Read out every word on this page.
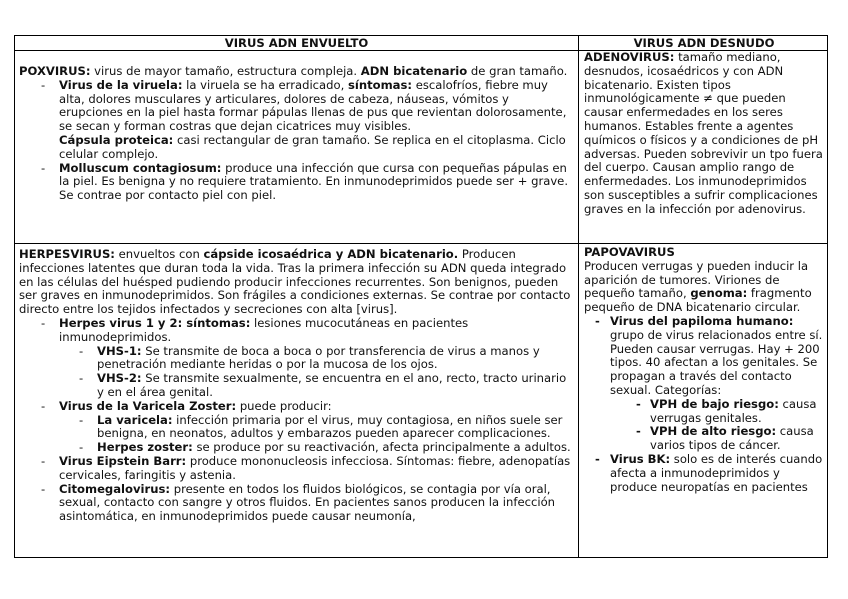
VIRUS ADN ENVUELTO	VIRUS ADN DESNUDO
POXVIRUS: virus de mayor tamaño, estructura compleja. ADN bicatenario de gran tamaño.
- Virus de la viruela: la viruela se ha erradicado, síntomas: escalofríos, fiebre muy alta, dolores musculares y articulares, dolores de cabeza, náuseas, vómitos y erupciones en la piel hasta formar pápulas llenas de pus que revientan dolorosamente, se secan y forman costras que dejan cicatrices muy visibles.
Cápsula proteica: casi rectangular de gran tamaño. Se replica en el citoplasma. Ciclo celular complejo.
- Molluscum contagiosum: produce una infección que cursa con pequeñas pápulas en la piel. Es benigna y no requiere tratamiento. En inmunodeprimidos puede ser + grave. Se contrae por contacto piel con piel.
ADENOVIRUS: tamaño mediano, desnudos, icosaédricos y con ADN bicatenario. Existen tipos inmunológicamente ≠ que pueden causar enfermedades en los seres humanos. Estables frente a agentes químicos o físicos y a condiciones de pH adversas. Pueden sobrevivir un tpo fuera del cuerpo. Causan amplio rango de enfermedades. Los inmunodeprimidos son susceptibles a sufrir complicaciones graves en la infección por adenovirus.
HERPESVIRUS: envueltos con cápside icosaédrica y ADN bicatenario. Producen infecciones latentes que duran toda la vida. Tras la primera infección su ADN queda integrado en las células del huésped pudiendo producir infecciones recurrentes. Son benignos, pueden ser graves en inmunodeprimidos. Son frágiles a condiciones externas. Se contrae por contacto directo entre los tejidos infectados y secreciones con alta [virus].
- Herpes virus 1 y 2: síntomas: lesiones mucocutáneas en pacientes inmunodeprimidos.
- VHS-1: Se transmite de boca a boca o por transferencia de virus a manos y penetración mediante heridas o por la mucosa de los ojos.
- VHS-2: Se transmite sexualmente, se encuentra en el ano, recto, tracto urinario y en el área genital.
- Virus de la Varicela Zoster: puede producir:
- La varicela: infección primaria por el virus, muy contagiosa, en niños suele ser benigna, en neonatos, adultos y embarazos pueden aparecer complicaciones.
- Herpes zoster: se produce por su reactivación, afecta principalmente a adultos.
- Virus Eipstein Barr: produce mononucleosis infecciosa. Síntomas: fiebre, adenopatías cervicales, faringitis y astenia.
- Citomegalovirus: presente en todos los fluidos biológicos, se contagia por vía oral, sexual, contacto con sangre y otros fluidos. En pacientes sanos producen la infección asintomática, en inmunodeprimidos puede causar neumonía,
PAPOVAVIRUS
Producen verrugas y pueden inducir la aparición de tumores. Viriones de pequeño tamaño, genoma: fragmento pequeño de DNA bicatenario circular.
- Virus del papiloma humano: grupo de virus relacionados entre sí. Pueden causar verrugas. Hay + 200 tipos. 40 afectan a los genitales. Se propagan a través del contacto sexual. Categorías:
- VPH de bajo riesgo: causa verrugas genitales.
- VPH de alto riesgo: causa varios tipos de cáncer.
- Virus BK: solo es de interés cuando afecta a inmunodeprimidos y produce neuropatías en pacientes
